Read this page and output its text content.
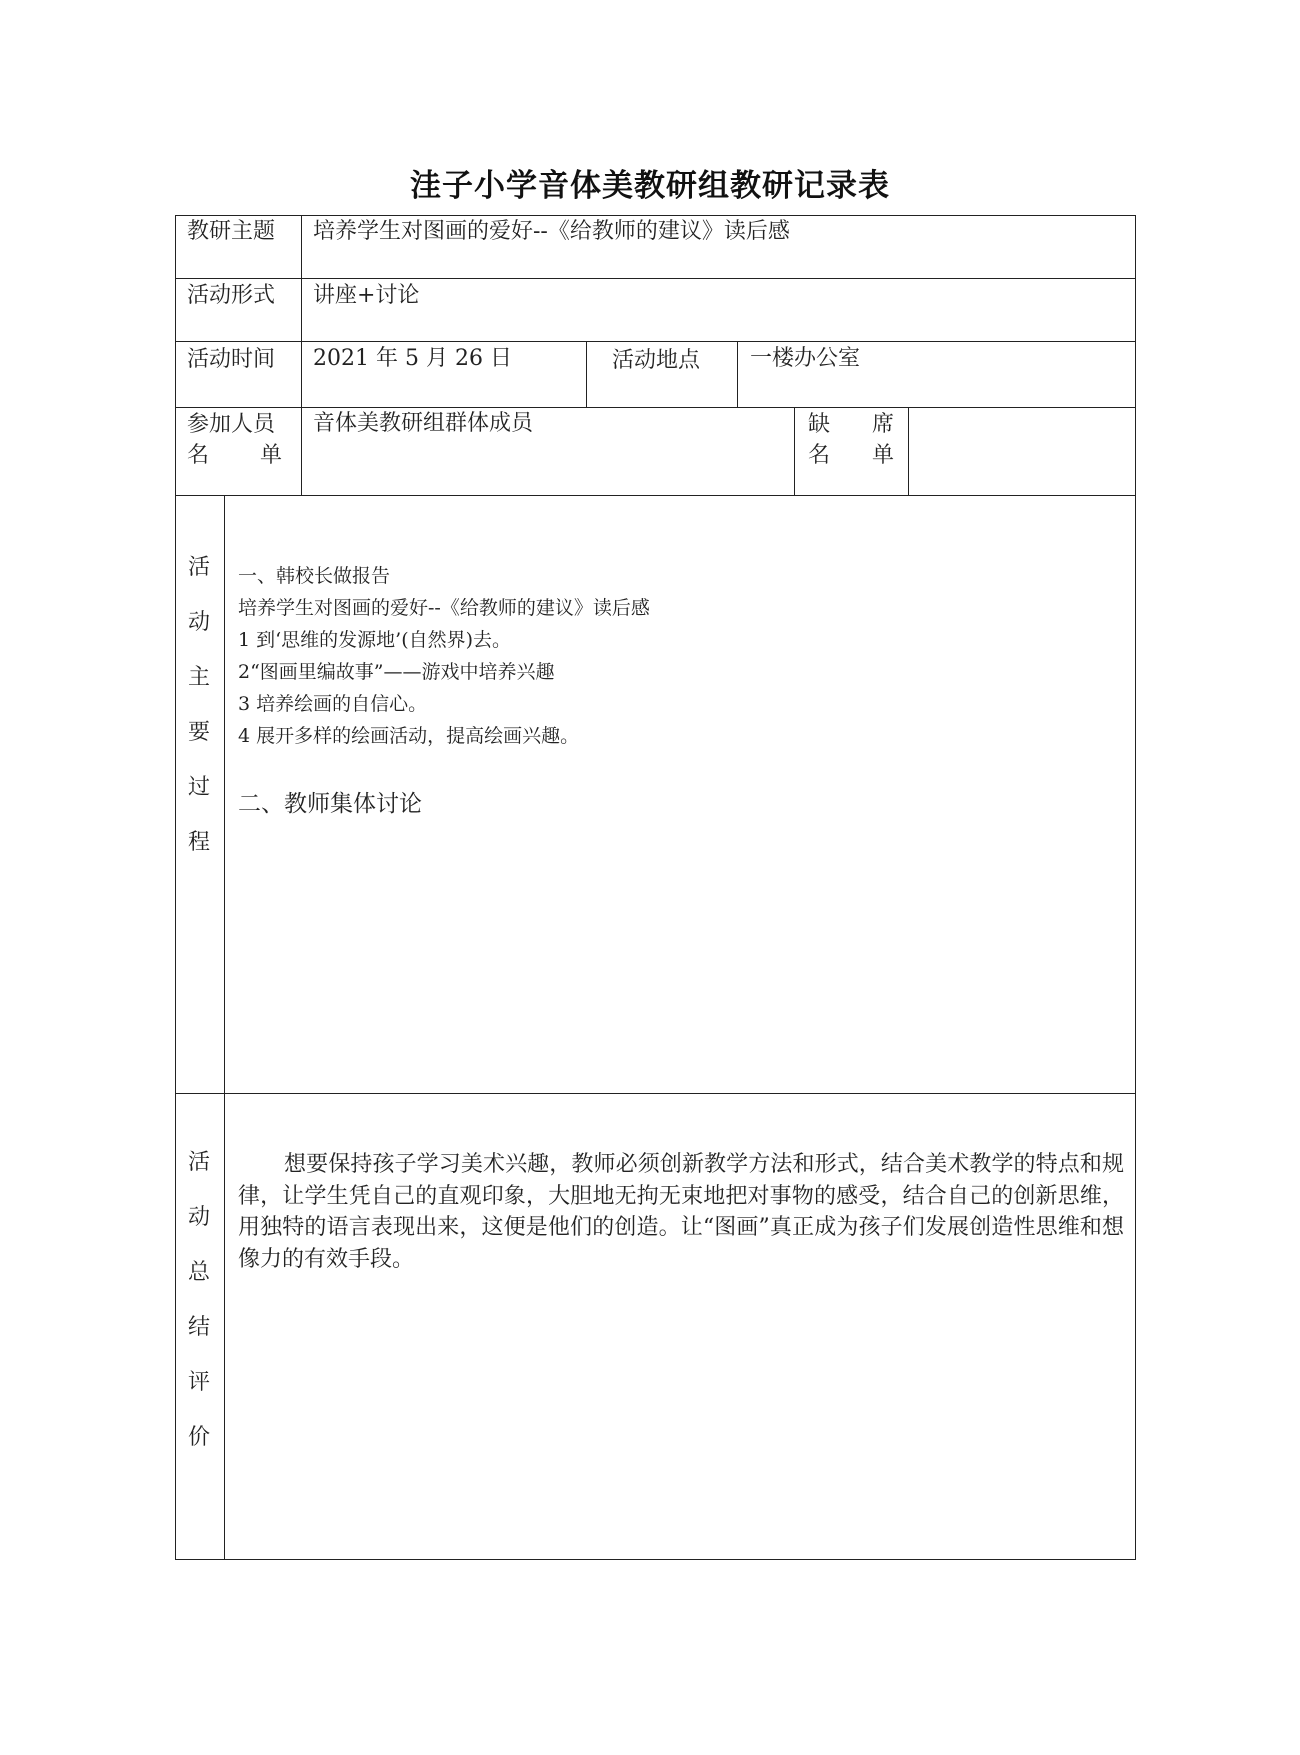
洼子小学音体美教研组教研记录表
教研主题 培养学生对图画的爱好--《给教师的建议》读后感
活动形式 讲座+讨论
活动时间 2021 年 5 月 26 日	活动地点 一楼办公室
参加人员
名 单
音体美教研组群体成员	缺 席
名 单
活
动
主
要
过
程
一、韩校长做报告
培养学生对图画的爱好--《给教师的建议》读后感
1 到‘思维的发源地’(自然界)去。
2“图画里编故事”——游戏中培养兴趣
3 培养绘画的自信心。
4 展开多样的绘画活动，提高绘画兴趣。
二、教师集体讨论
活
动
总
结
评
价
想要保持孩子学习美术兴趣，教师必须创新教学方法和形式，结合美术教学的特点和规律，让学生凭自己的直观印象，大胆地无拘无束地把对事物的感受，结合自己的创新思维，用独特的语言表现出来，这便是他们的创造。让“图画”真正成为孩子们发展创造性思维和想像力的有效手段。
